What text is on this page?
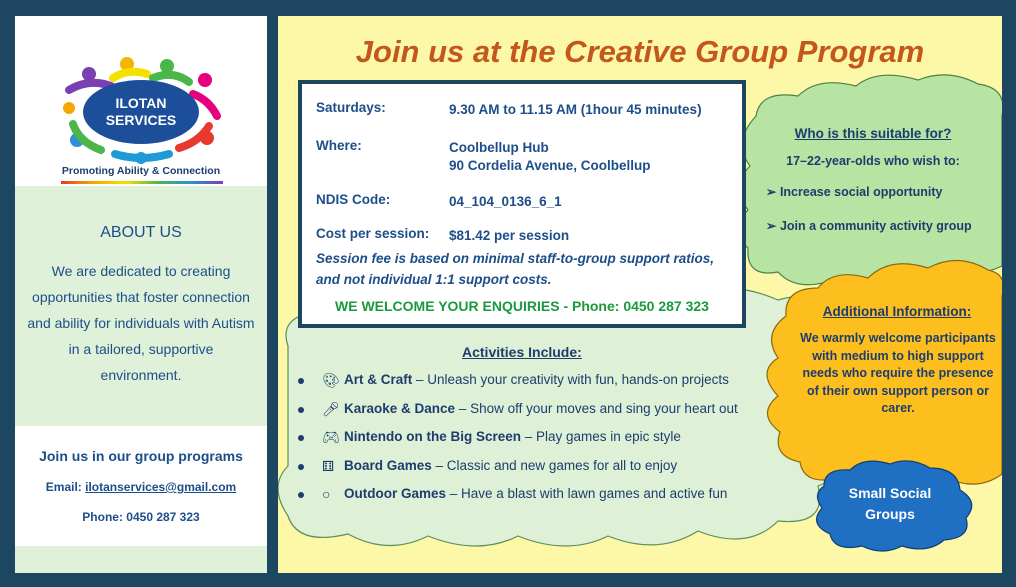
ILOTAN
SERVICES
Promoting Ability & Connection
ABOUT US

We are dedicated to creating opportunities that foster connection and ability for individuals with Autism in a tailored, supportive environment.

Join us in our group programs
Email: ilotanservices@gmail.com
Phone: 0450 287 323
Join us at the Creative Group Program
Saturdays:	9.30 AM to 11.15 AM (1hour 45 minutes)
Where:	Coolbellup Hub
90 Cordelia Avenue, Coolbellup
NDIS Code:	04_104_0136_6_1
Cost per session: $81.42 per session
Session fee is based on minimal staff-to-group support ratios, and not individual 1:1 support costs.
WE WELCOME YOUR ENQUIRIES - Phone: 0450 287 323
Activities Include:
🎨︎ Art & Craft – Unleash your creativity with fun, hands-on projects
🎤︎ Karaoke & Dance – Show off your moves and sing your heart out
🎮︎ Nintendo on the Big Screen – Play games in epic style
⚅ Board Games – Classic and new games for all to enjoy
○ Outdoor Games – Have a blast with lawn games and active fun
Who is this suitable for?
17–22-year-olds who wish to:
➢ Increase social opportunity
➢ Join a community activity group
Additional Information:
We warmly welcome participants with medium to high support needs who require the presence of their own support person or carer.
Small Social
Groups
